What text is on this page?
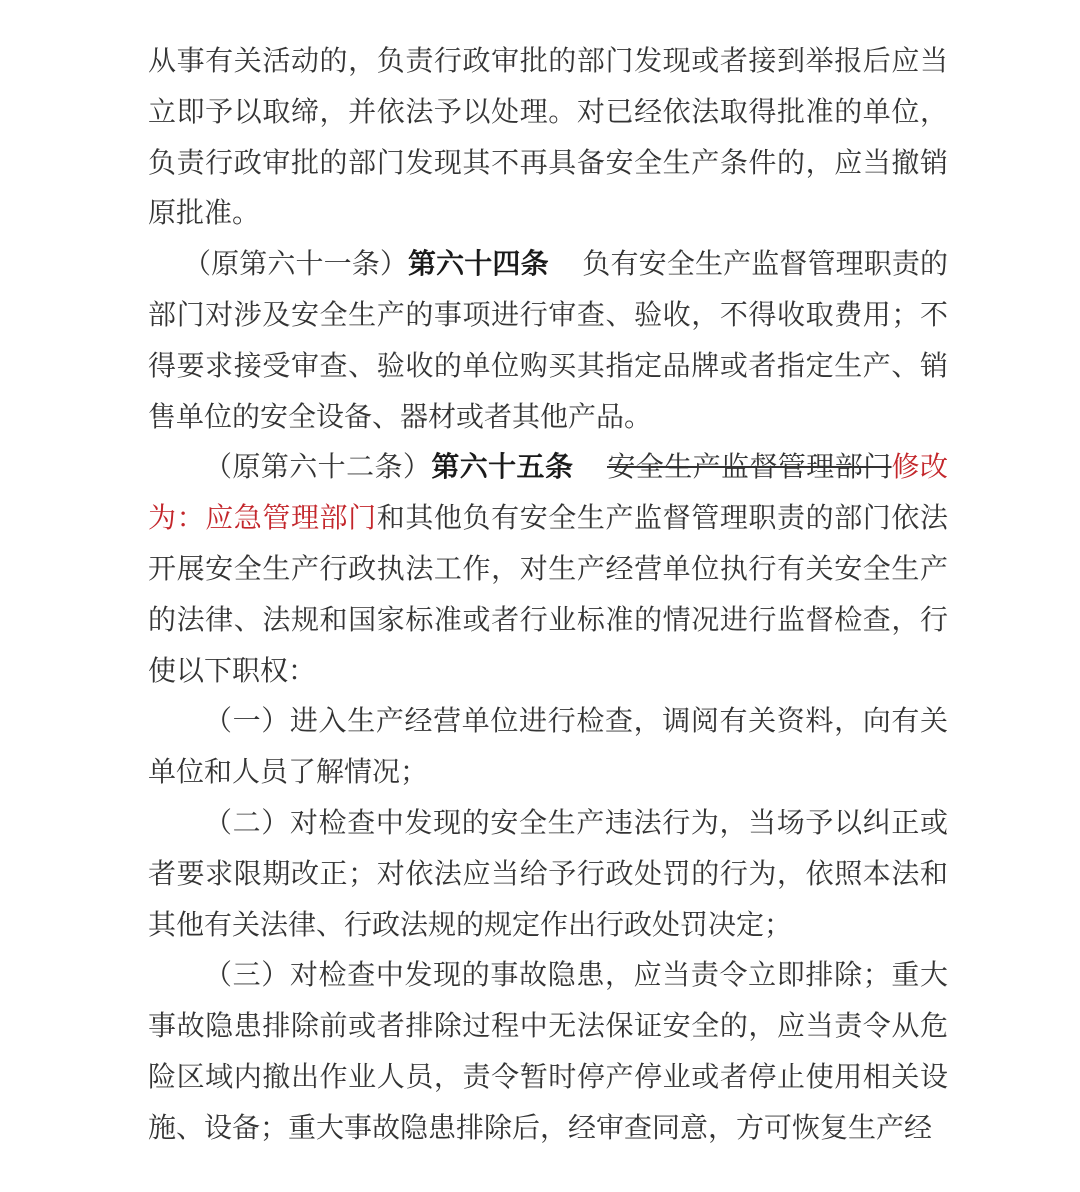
从事有关活动的，负责行政审批的部门发现或者接到举报后应当立即予以取缔，并依法予以处理。对已经依法取得批准的单位，负责行政审批的部门发现其不再具备安全生产条件的，应当撤销原批准。

（原第六十一条）第六十四条 负有安全生产监督管理职责的部门对涉及安全生产的事项进行审查、验收，不得收取费用；不得要求接受审查、验收的单位购买其指定品牌或者指定生产、销售单位的安全设备、器材或者其他产品。

（原第六十二条）第六十五条 安全生产监督管理部门修改为：应急管理部门和其他负有安全生产监督管理职责的部门依法开展安全生产行政执法工作，对生产经营单位执行有关安全生产的法律、法规和国家标准或者行业标准的情况进行监督检查，行使以下职权：

（一）进入生产经营单位进行检查，调阅有关资料，向有关单位和人员了解情况；

（二）对检查中发现的安全生产违法行为，当场予以纠正或者要求限期改正；对依法应当给予行政处罚的行为，依照本法和其他有关法律、行政法规的规定作出行政处罚决定；

（三）对检查中发现的事故隐患，应当责令立即排除；重大事故隐患排除前或者排除过程中无法保证安全的，应当责令从危险区域内撤出作业人员，责令暂时停产停业或者停止使用相关设施、设备；重大事故隐患排除后，经审查同意，方可恢复生产经
